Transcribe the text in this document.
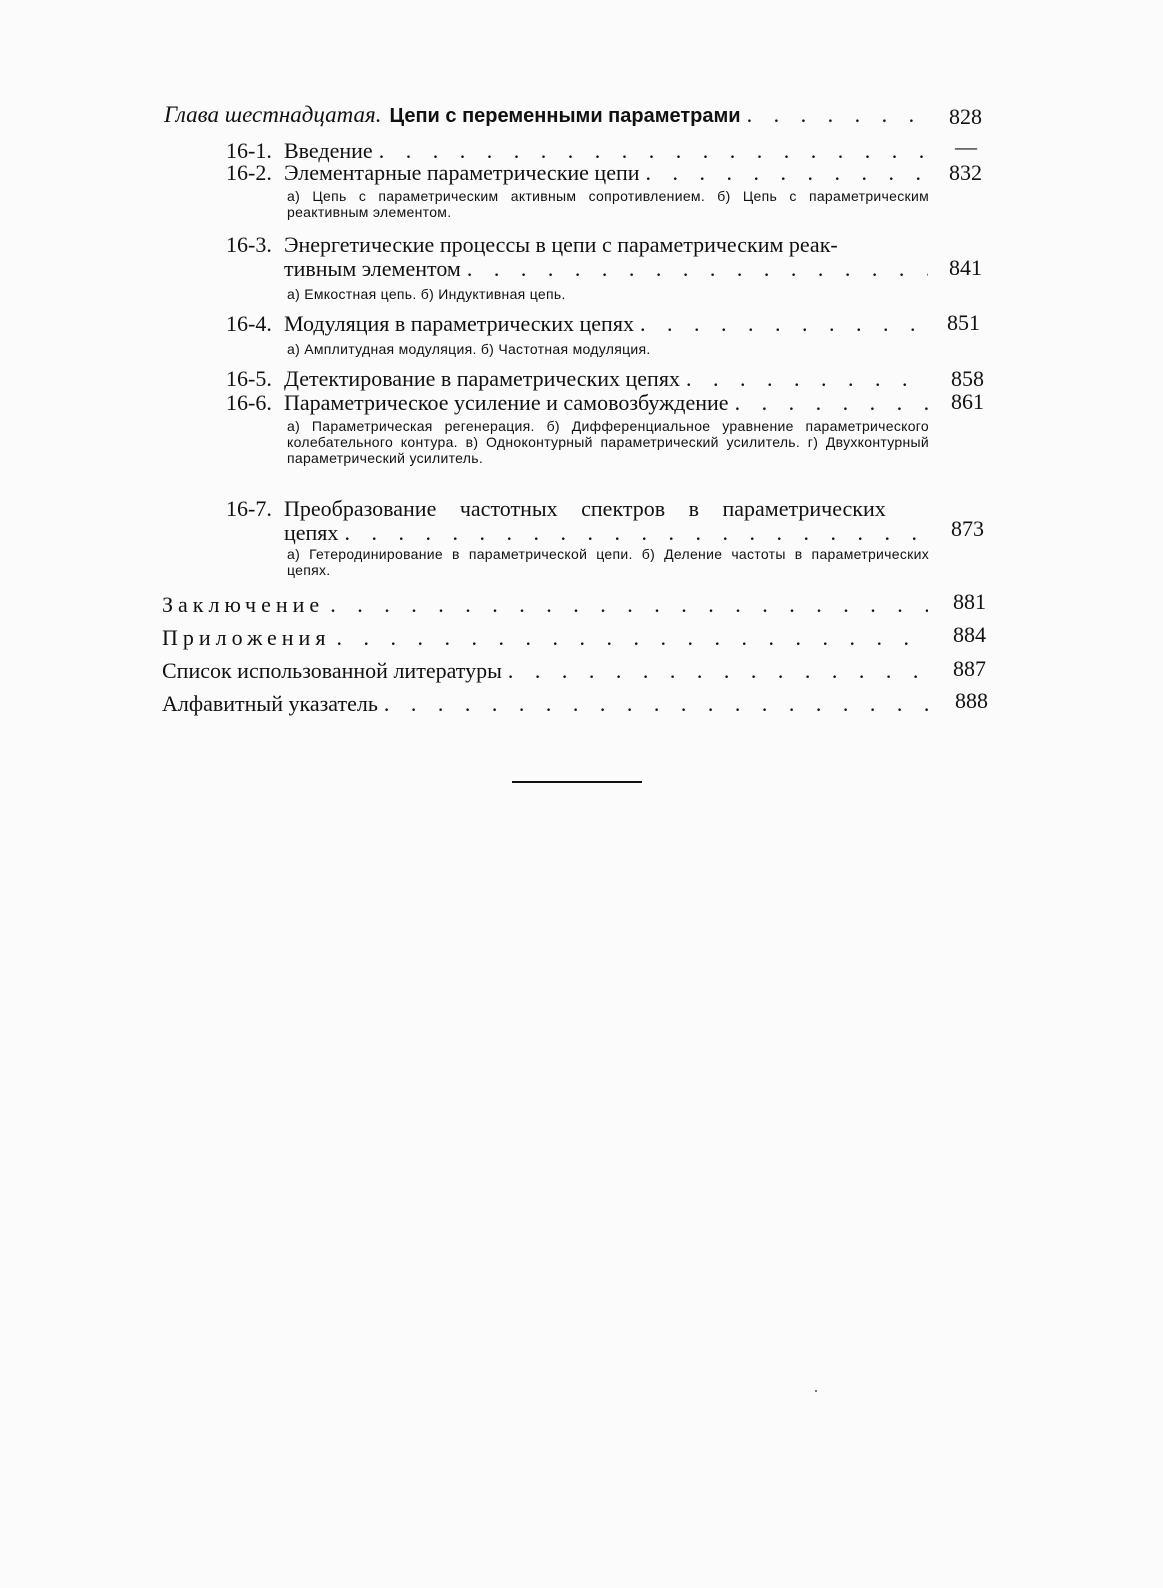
Глава шестнадцатая. Цепи с переменными параметрами . . .	828
16-1. Введение . . .	—
16-2. Элементарные параметрические цепи . . .	832
а) Цепь с параметрическим активным сопротивлением. б) Цепь с параметрическим реактивным элементом.
16-3. Энергетические процессы в цепи с параметрическим реак-
тивным элементом . . .	841
а) Емкостная цепь. б) Индуктивная цепь.
16-4. Модуляция в параметрических цепях . . .	851
а) Амплитудная модуляция. б) Частотная модуляция.
16-5. Детектирование в параметрических цепях . . .	858
16-6. Параметрическое усиление и самовозбуждение . . .	861
а) Параметрическая регенерация. б) Дифференциальное уравнение параметрического колебательного контура. в) Одноконтурный параметрический усилитель. г) Двухконтурный параметрический усилитель.
16-7. Преобразование частотных спектров в параметрических
цепях . . .	873
а) Гетеродинирование в параметрической цепи. б) Деление частоты в параметрических цепях.
Заключение . . .	881
Приложения . . .	884
Список использованной литературы . . .	887
Алфавитный указатель . . .	888
